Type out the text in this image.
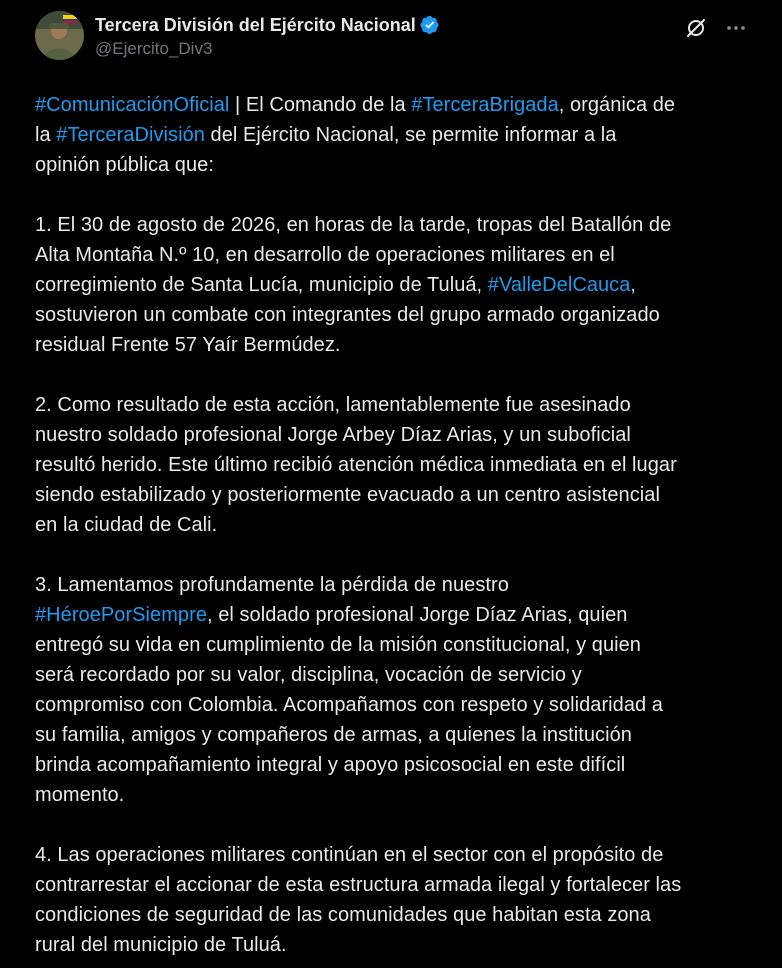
Tercera División del Ejército Nacional
@Ejercito_Div3
#ComunicaciónOficial | El Comando de la #TerceraBrigada, orgánica de
la #TerceraDivisión del Ejército Nacional, se permite informar a la
opinión pública que:
1. El 30 de agosto de 2026, en horas de la tarde, tropas del Batallón de
Alta Montaña N.º 10, en desarrollo de operaciones militares en el
corregimiento de Santa Lucía, municipio de Tuluá, #ValleDelCauca,
sostuvieron un combate con integrantes del grupo armado organizado
residual Frente 57 Yaír Bermúdez.
2. Como resultado de esta acción, lamentablemente fue asesinado
nuestro soldado profesional Jorge Arbey Díaz Arias, y un suboficial
resultó herido. Este último recibió atención médica inmediata en el lugar
siendo estabilizado y posteriormente evacuado a un centro asistencial
en la ciudad de Cali.
3. Lamentamos profundamente la pérdida de nuestro
#HéroePorSiempre, el soldado profesional Jorge Díaz Arias, quien
entregó su vida en cumplimiento de la misión constitucional, y quien
será recordado por su valor, disciplina, vocación de servicio y
compromiso con Colombia. Acompañamos con respeto y solidaridad a
su familia, amigos y compañeros de armas, a quienes la institución
brinda acompañamiento integral y apoyo psicosocial en este difícil
momento.
4. Las operaciones militares continúan en el sector con el propósito de
contrarrestar el accionar de esta estructura armada ilegal y fortalecer las
condiciones de seguridad de las comunidades que habitan esta zona
rural del municipio de Tuluá.
